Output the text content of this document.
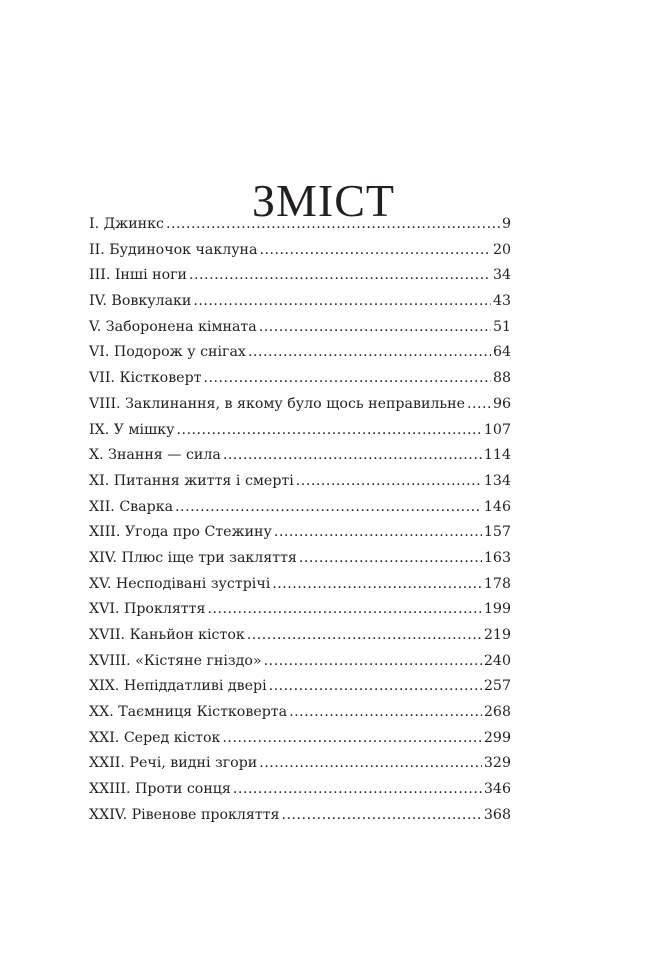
ЗМІСТ
I. Джинкс .....	9
II. Будиночок чаклуна .....	20
III. Інші ноги .....	34
IV. Вовкулаки .....	43
V. Заборонена кімната .....	51
VI. Подорож у снігах .....	64
VII. Кістковерт .....	88
VIII. Заклинання, в якому було щось неправильне ..... 96
IX. У мішку .....	107
X. Знання — сила .....	114
XI. Питання життя і смерті .....	134
XII. Сварка .....	146
XIII. Угода про Стежину .....	157
XIV. Плюс іще три закляття .....	163
XV. Несподівані зустрічі .....	178
XVI. Прокляття .....	199
XVII. Каньйон кісток .....	219
XVIII. «Кістяне гніздо» .....	240
XIX. Непіддатливі двері .....	257
XX. Таємниця Кістковерта .....	268
XXI. Серед кісток .....	299
XXII. Речі, видні згори .....	329
XXIII. Проти сонця .....	346
XXIV. Рівенове прокляття .....	368
